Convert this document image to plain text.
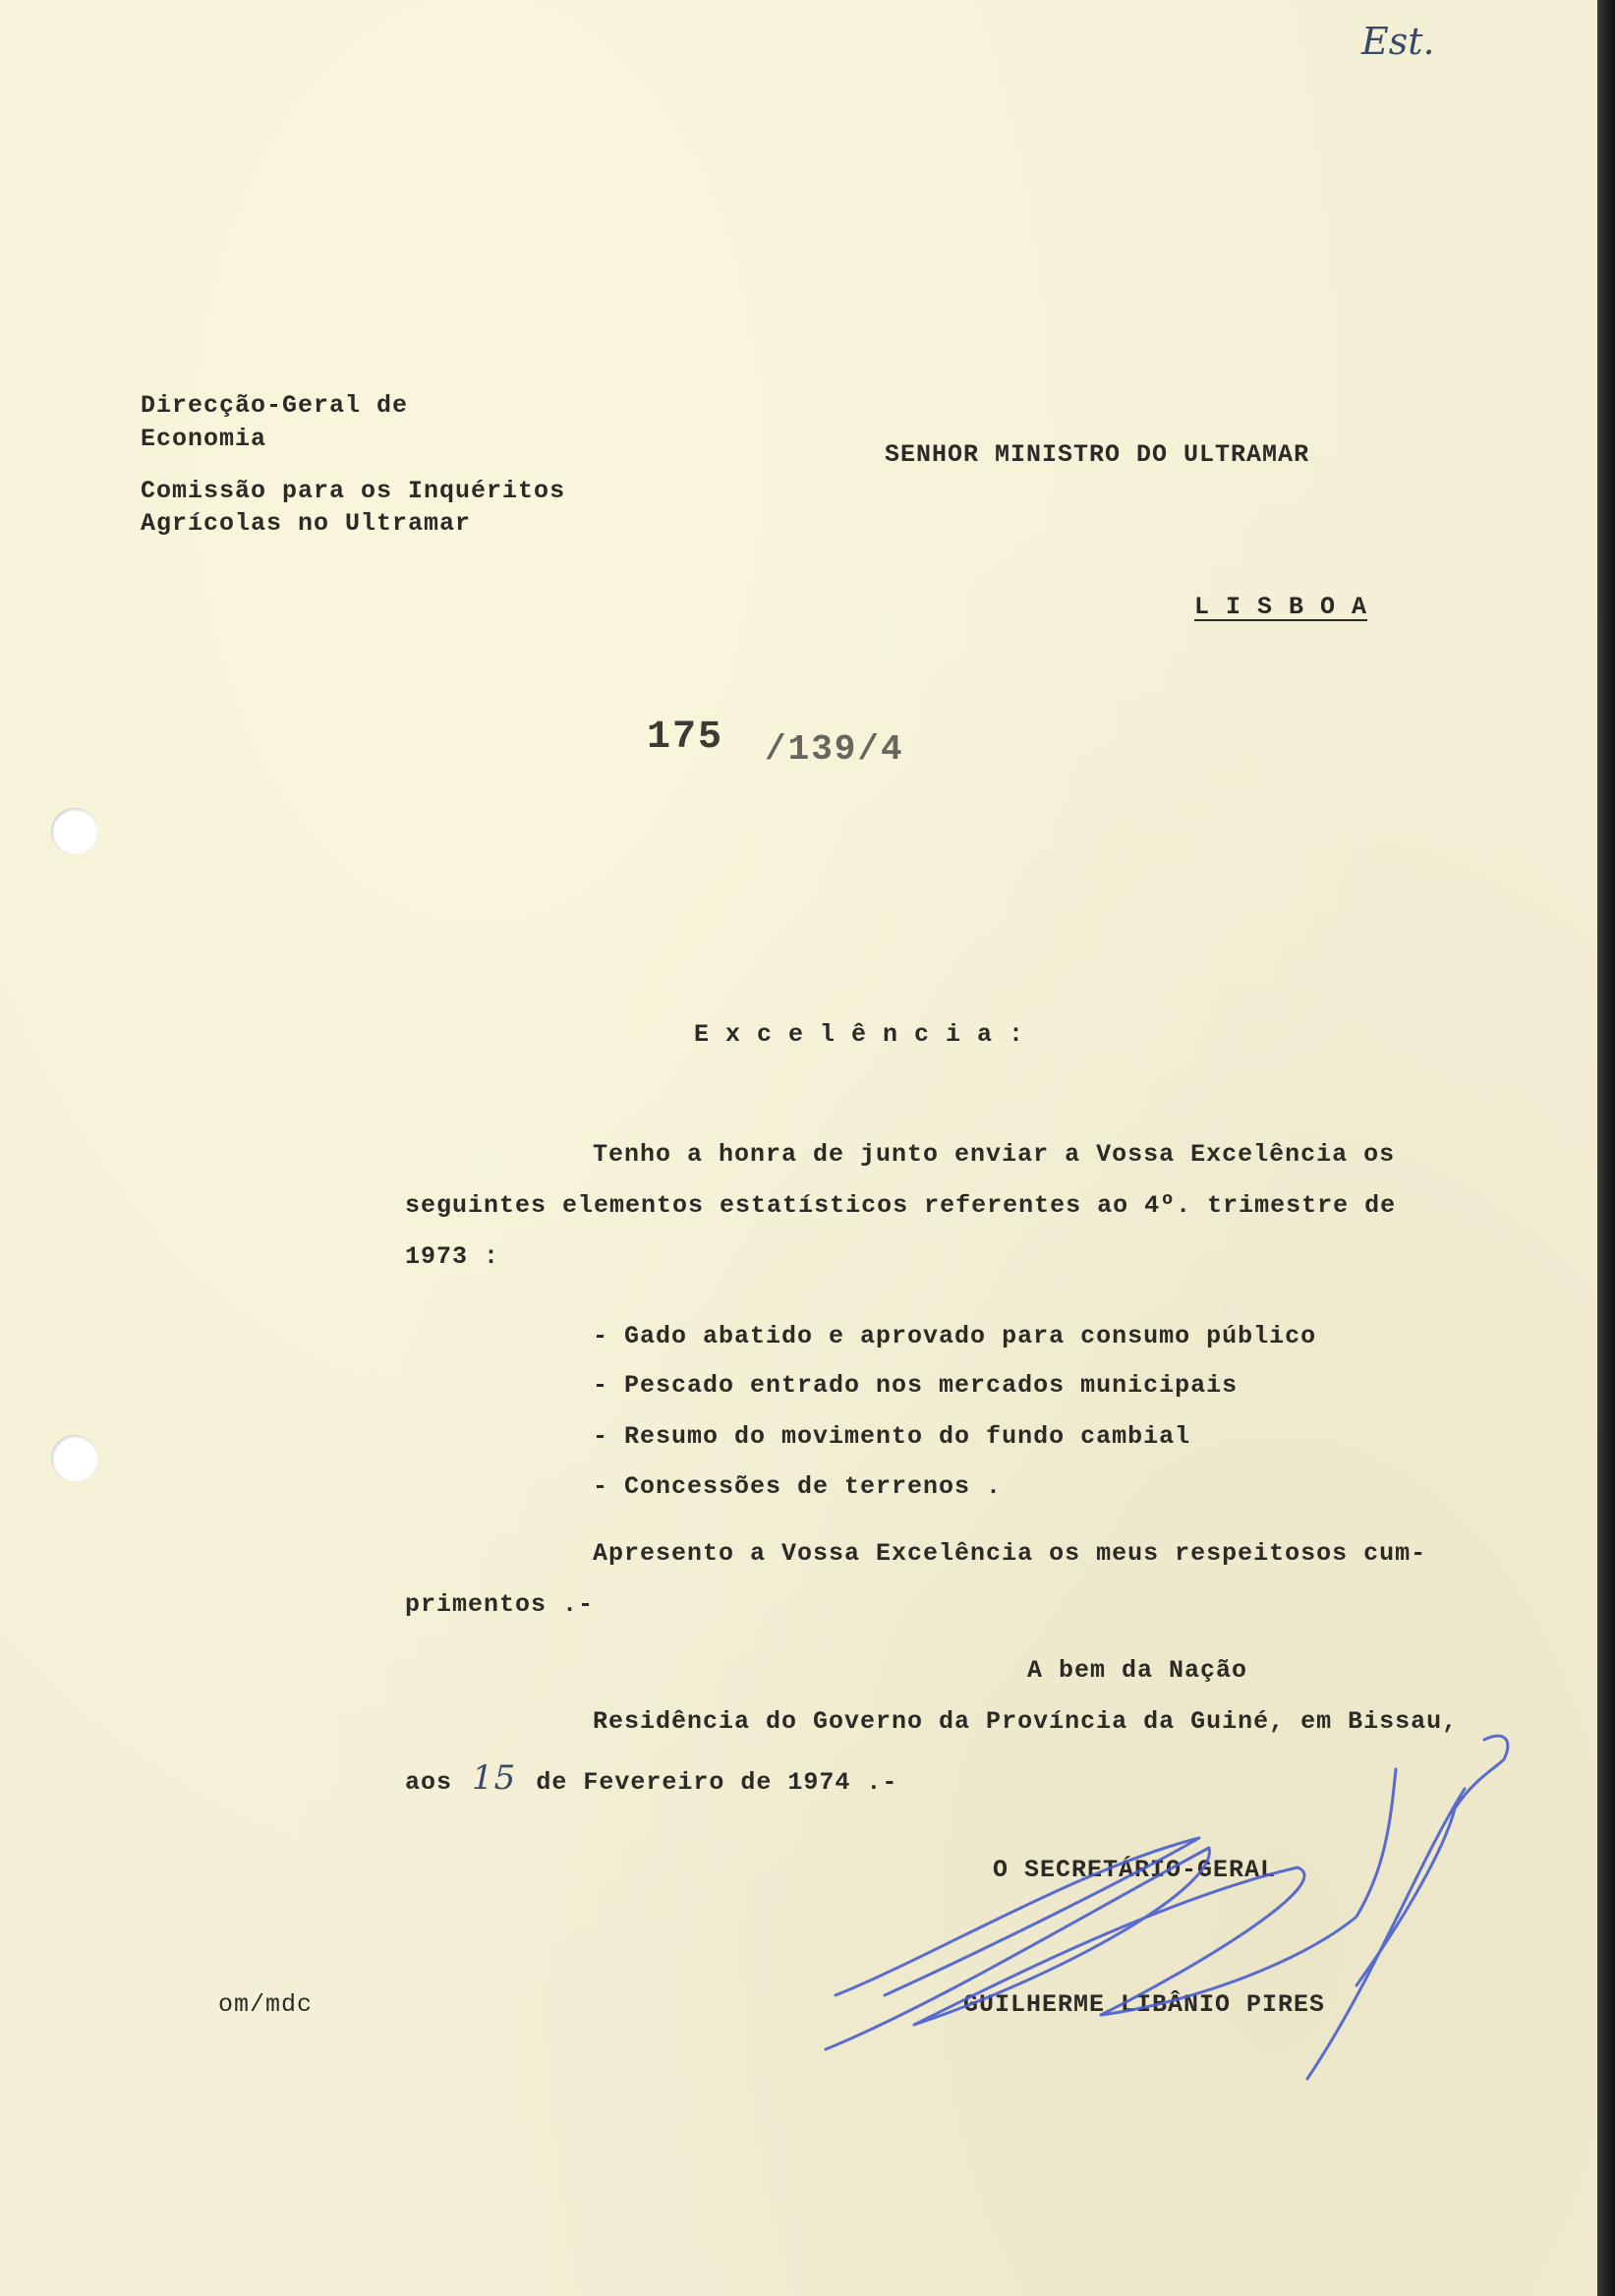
Est.
Direcção-Geral de
Economia
Comissão para os Inquéritos
Agrícolas no Ultramar
SENHOR MINISTRO DO ULTRAMAR
L I S B O A
175 /139/4
E x c e l ê n c i a :
Tenho a honra de junto enviar a Vossa Excelência os
seguintes elementos estatísticos referentes ao 4º. trimestre de
1973 :
- Gado abatido e aprovado para consumo público
- Pescado entrado nos mercados municipais
- Resumo do movimento do fundo cambial
- Concessões de terrenos .
Apresento a Vossa Excelência os meus respeitosos cum-
primentos .-
A bem da Nação
Residência do Governo da Província da Guiné, em Bissau,
aos 15 de Fevereiro de 1974 .-
O SECRETÁRIO-GERAL
GUILHERME LIBÂNIO PIRES
om/mdc
